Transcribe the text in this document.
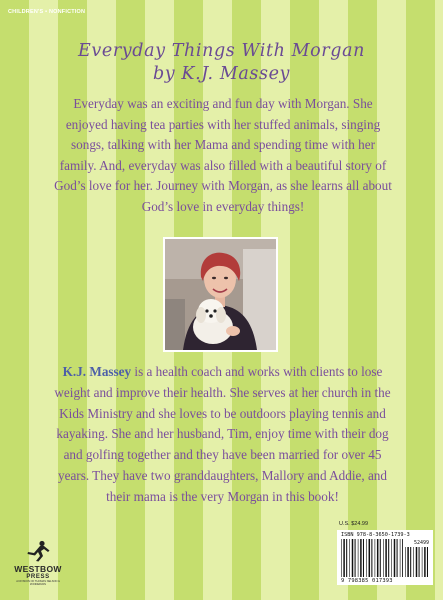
CHILDREN'S • NONFICTION
Everyday Things With Morgan
by K.J. Massey
Everyday was an exciting and fun day with Morgan. She enjoyed having tea parties with her stuffed animals, singing songs, talking with her Mama and spending time with her family. And, everyday was also filled with a beautiful story of God’s love for her. Journey with Morgan, as she learns all about God’s love in everyday things!
K.J. Massey is a health coach and works with clients to lose weight and improve their health. She serves at her church in the Kids Ministry and she loves to be outdoors playing tennis and kayaking. She and her husband, Tim, enjoy time with their dog and golfing together and they have been married for over 45 years. They have two granddaughters, Mallory and Addie, and their mama is the very Morgan in this book!
WESTBOW
PRESS
A DIVISION OF THOMAS NELSON & ZONDERVAN
U.S. $24.99
ISBN 978-8-3650-1739-3
52499
9 798385 017393
